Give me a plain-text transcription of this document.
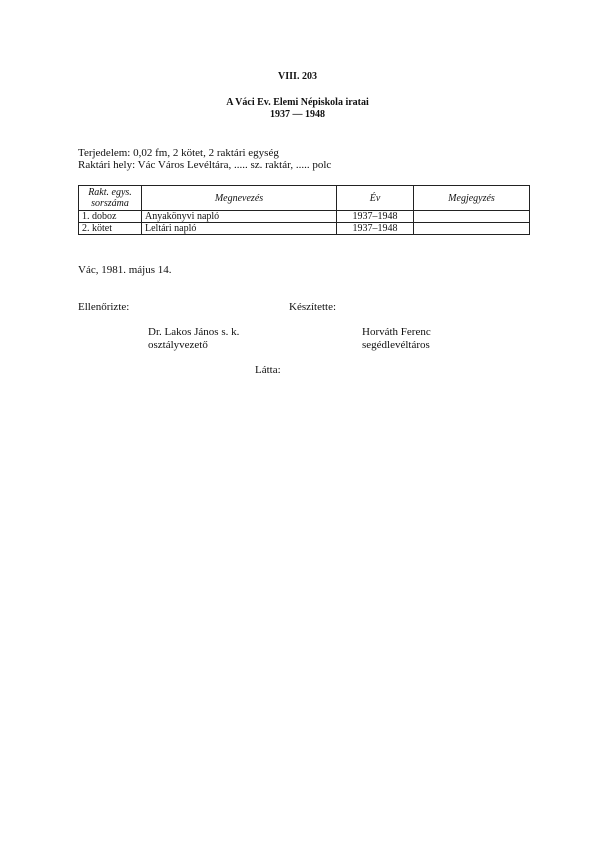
VIII. 203
A Váci Ev. Elemi Népiskola iratai
1937 — 1948
Terjedelem: 0,02 fm, 2 kötet, 2 raktári egység
Raktári hely: Vác Város Levéltára, ..... sz. raktár, ..... polc
Rakt. egys. sorszáma	Megnevezés	Év	Megjegyzés
1. doboz	Anyakönyvi napló	1937–1948	
2. kötet	Leltári napló	1937–1948	
Vác, 1981. május 14.
Ellenőrizte:	Készítette:
Dr. Lakos János s. k.
osztályvezető
Horváth Ferenc
segédlevéltáros
Látta:
